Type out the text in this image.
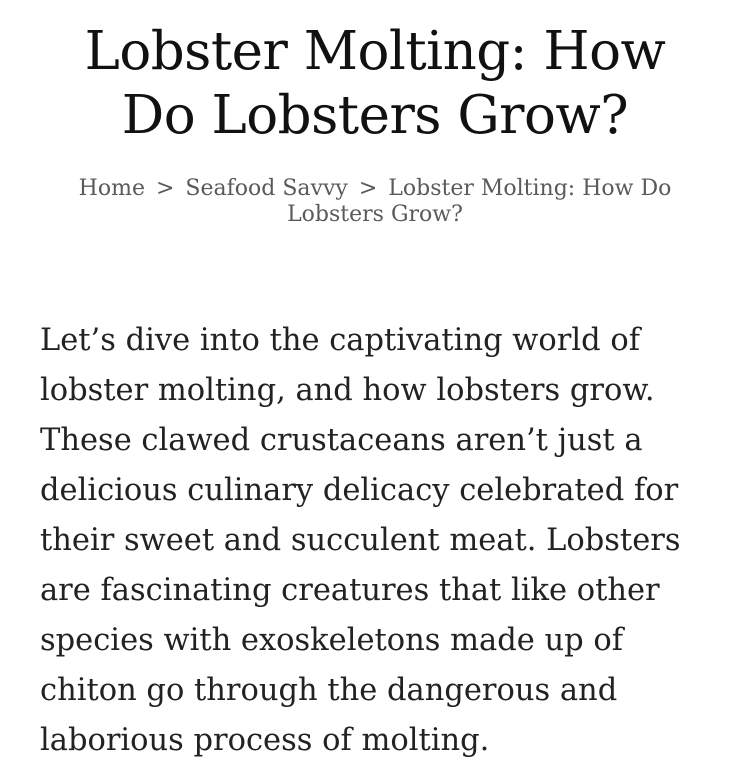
Lobster Molting: How Do Lobsters Grow?
Home > Seafood Savvy > Lobster Molting: How Do Lobsters Grow?

Let’s dive into the captivating world of lobster molting, and how lobsters grow. These clawed crustaceans aren’t just a delicious culinary delicacy celebrated for their sweet and succulent meat. Lobsters are fascinating creatures that like other species with exoskeletons made up of chiton go through the dangerous and laborious process of molting.
